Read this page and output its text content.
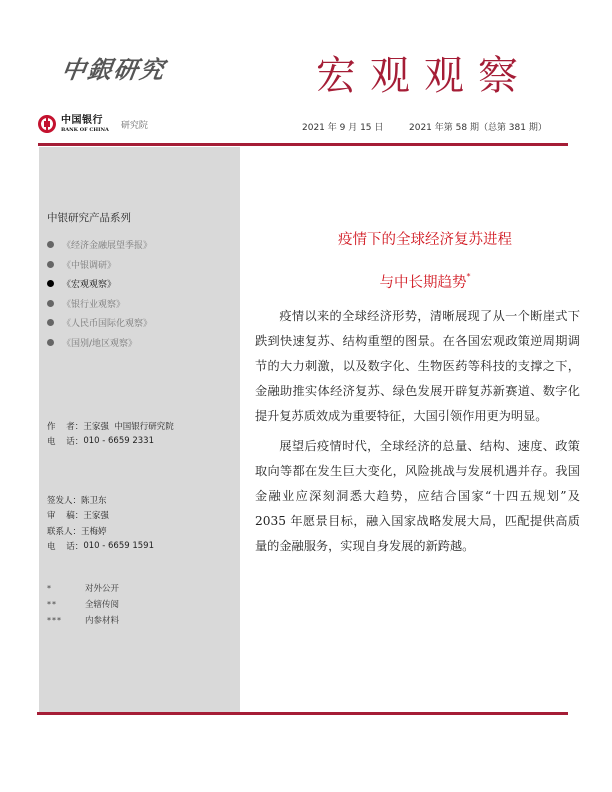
中銀研究	宏观观察
中国银行
BANK OF CHINA 研究院	2021 年 9 月 15 日	2021 年第 58 期（总第 381 期）
中银研究产品系列
《经济金融展望季报》
《中银调研》
《宏观观察》
《银行业观察》
《人民币国际化观察》
《国别/地区观察》
作    者： 王家强  中国银行研究院
电    话： 010 - 6659 2331
签发人： 陈卫东
审    稿： 王家强
联系人： 王梅婷
电    话： 010 - 6659 1591
*	对外公开
**	全辖传阅
***	内参材料
疫情下的全球经济复苏进程
与中长期趋势*

疫情以来的全球经济形势，清晰展现了从一个断崖式下跌到快速复苏、结构重塑的图景。在各国宏观政策逆周期调节的大力刺激，以及数字化、生物医药等科技的支撑之下，金融助推实体经济复苏、绿色发展开辟复苏新赛道、数字化提升复苏质效成为重要特征，大国引领作用更为明显。

展望后疫情时代，全球经济的总量、结构、速度、政策取向等都在发生巨大变化，风险挑战与发展机遇并存。我国金融业应深刻洞悉大趋势，应结合国家“十四五规划”及 2035 年愿景目标，融入国家战略发展大局，匹配提供高质量的金融服务，实现自身发展的新跨越。
